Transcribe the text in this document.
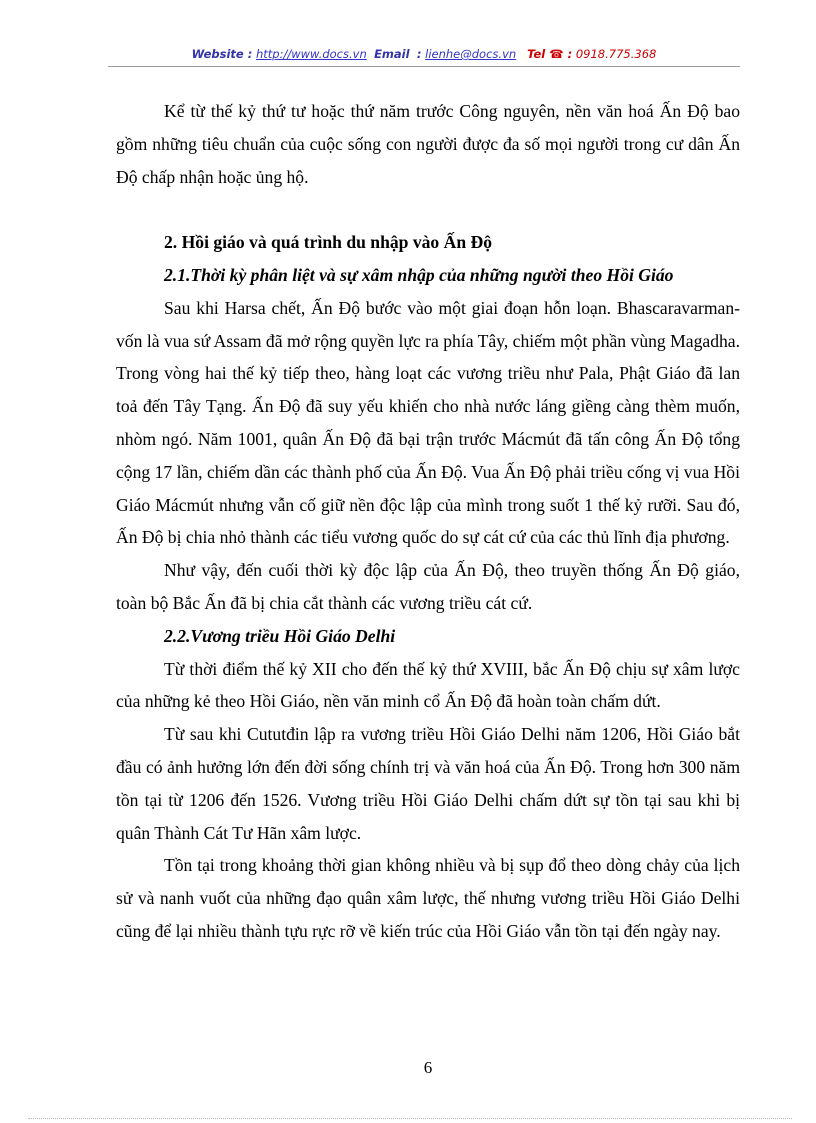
Website : http://www.docs.vn Email : lienhe@docs.vn Tel ☎ : 0918.775.368

Kể từ thế kỷ thứ tư hoặc thứ năm trước Công nguyên, nền văn hoá Ấn Độ bao gồm những tiêu chuẩn của cuộc sống con người được đa số mọi người trong cư dân Ấn Độ chấp nhận hoặc ủng hộ.

2. Hồi giáo và quá trình du nhập vào Ấn Độ
2.1.Thời kỳ phân liệt và sự xâm nhập của những người theo Hồi Giáo

Sau khi Harsa chết, Ấn Độ bước vào một giai đoạn hỗn loạn. Bhascaravarman- vốn là vua sứ Assam đã mở rộng quyền lực ra phía Tây, chiếm một phần vùng Magadha. Trong vòng hai thế kỷ tiếp theo, hàng loạt các vương triều như Pala, Phật Giáo đã lan toả đến Tây Tạng. Ấn Độ đã suy yếu khiến cho nhà nước láng giềng càng thèm muốn, nhòm ngó. Năm 1001, quân Ấn Độ đã bại trận trước Mácmút đã tấn công Ấn Độ tổng cộng 17 lần, chiếm dần các thành phố của Ấn Độ. Vua Ấn Độ phải triều cống vị vua Hồi Giáo Mácmút nhưng vẫn cố giữ nền độc lập của mình trong suốt 1 thế kỷ rưỡi. Sau đó, Ấn Độ bị chia nhỏ thành các tiểu vương quốc do sự cát cứ của các thủ lĩnh địa phương.

Như vậy, đến cuối thời kỳ độc lập của Ấn Độ, theo truyền thống Ấn Độ giáo, toàn bộ Bắc Ấn đã bị chia cắt thành các vương triều cát cứ.

2.2.Vương triều Hồi Giáo Delhi

Từ thời điểm thế kỷ XII cho đến thế kỷ thứ XVIII, bắc Ấn Độ chịu sự xâm lược của những kẻ theo Hồi Giáo, nền văn minh cổ Ấn Độ đã hoàn toàn chấm dứt.

Từ sau khi Cututđin lập ra vương triều Hồi Giáo Delhi năm 1206, Hồi Giáo bắt đầu có ảnh hưởng lớn đến đời sống chính trị và văn hoá của Ấn Độ. Trong hơn 300 năm tồn tại từ 1206 đến 1526. Vương triều Hồi Giáo Delhi chấm dứt sự tồn tại sau khi bị quân Thành Cát Tư Hãn xâm lược.

Tồn tại trong khoảng thời gian không nhiều và bị sụp đổ theo dòng chảy của lịch sử và nanh vuốt của những đạo quân xâm lược, thế nhưng vương triều Hồi Giáo Delhi cũng để lại nhiều thành tựu rực rỡ về kiến trúc của Hồi Giáo vẫn tồn tại đến ngày nay.

6
